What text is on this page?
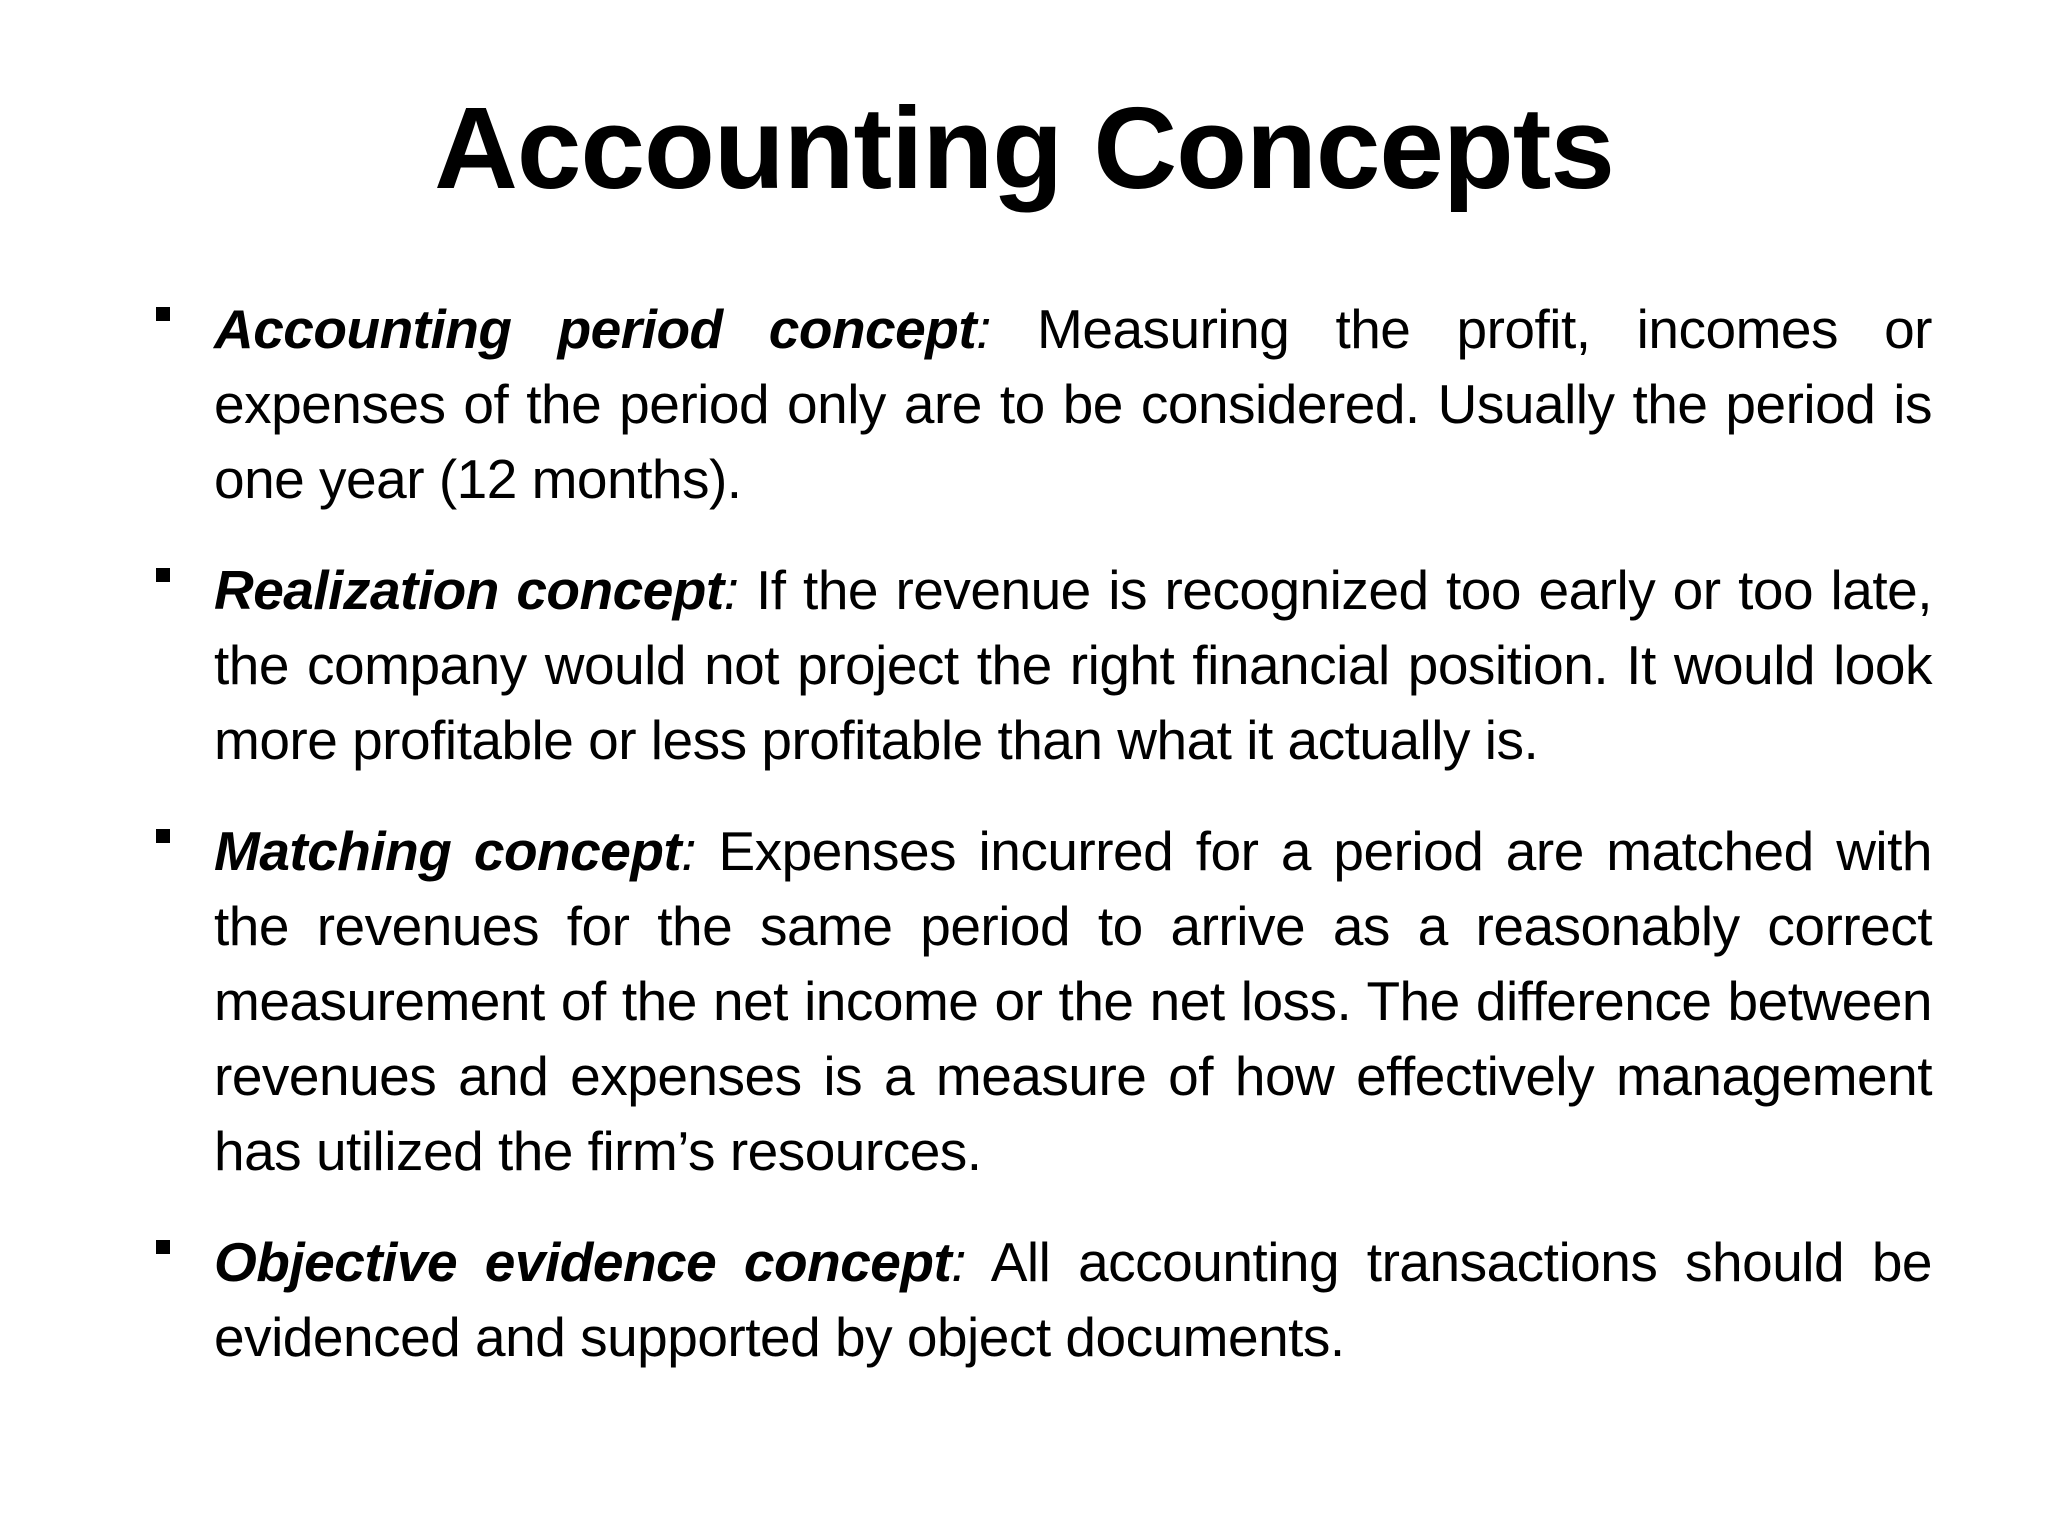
Accounting Concepts
Accounting period concept: Measuring the profit, incomes or expenses of the period only are to be considered. Usually the period is one year (12 months).
Realization concept: If the revenue is recognized too early or too late, the company would not project the right financial position. It would look more profitable or less profitable than what it actually is.
Matching concept: Expenses incurred for a period are matched with the revenues for the same period to arrive as a reasonably correct measurement of the net income or the net loss. The difference between revenues and expenses is a measure of how effectively management has utilized the firm’s resources.
Objective evidence concept: All accounting transactions should be evidenced and supported by object documents.
